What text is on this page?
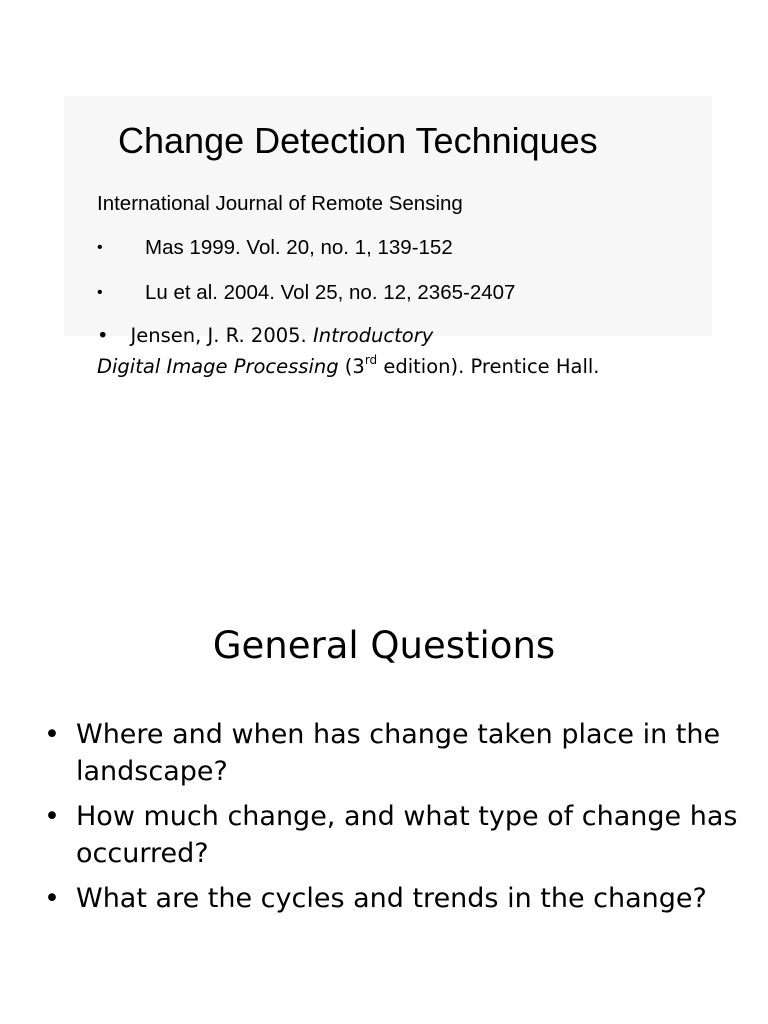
Change Detection Techniques
International Journal of Remote Sensing
• Mas 1999. Vol. 20, no. 1, 139-152
• Lu et al. 2004. Vol 25, no. 12, 2365-2407
• Jensen, J. R. 2005. Introductory
Digital Image Processing (3rd edition). Prentice Hall.
General Questions
• Where and when has change taken place in the landscape?
• How much change, and what type of change has occurred?
• What are the cycles and trends in the change?
